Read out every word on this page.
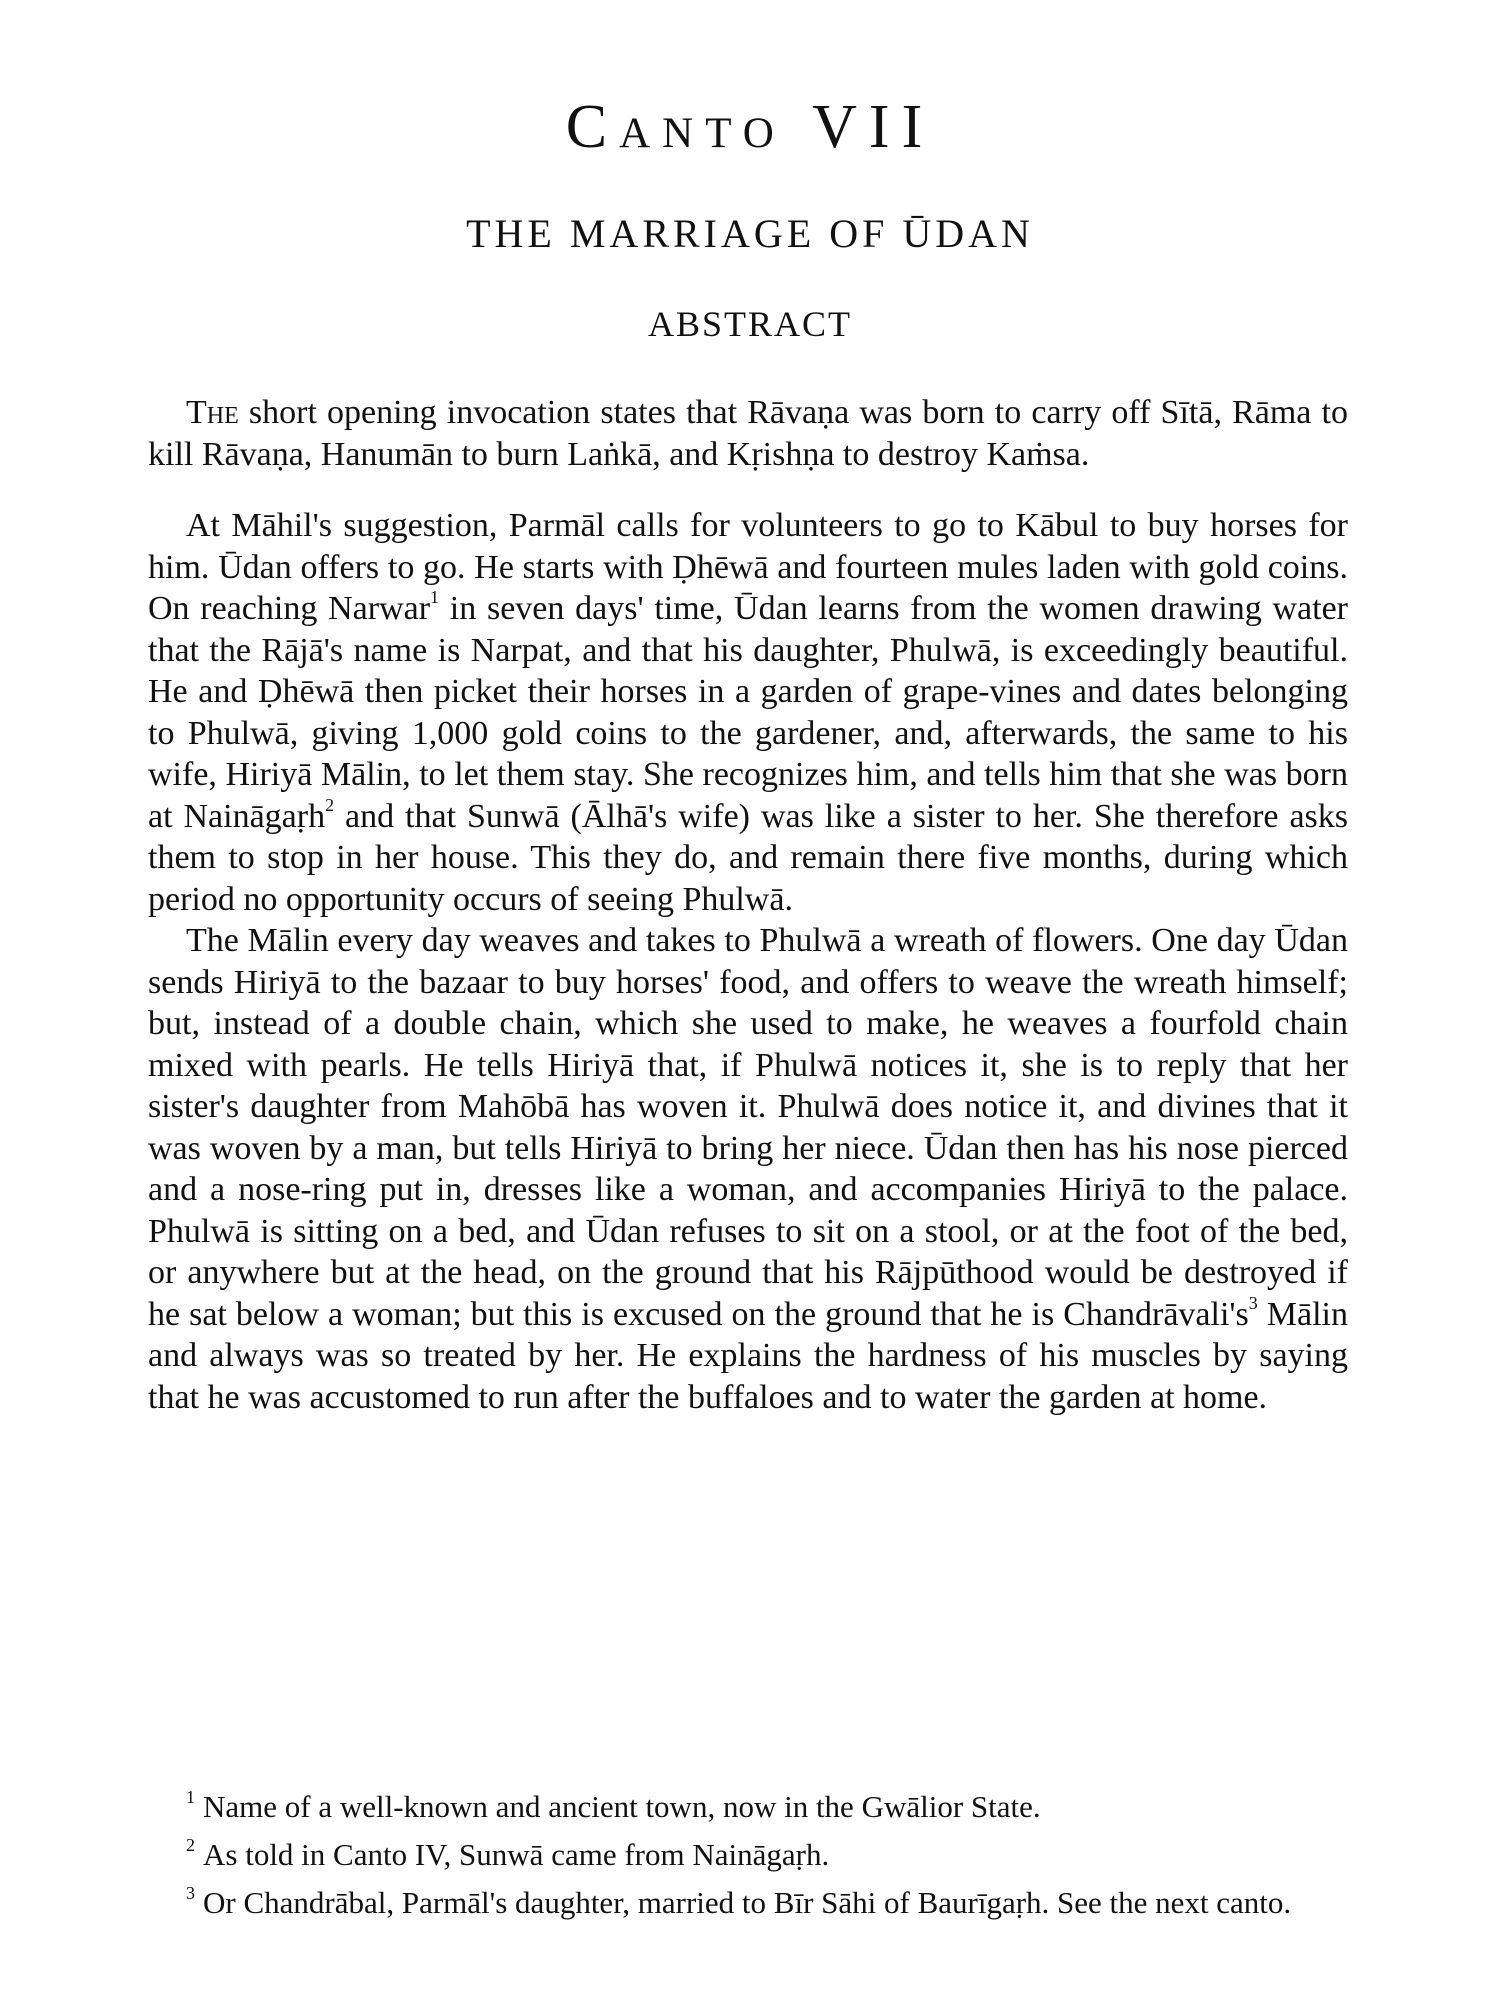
Canto VII
THE MARRIAGE OF ŪDAN
ABSTRACT

The short opening invocation states that Rāvaṇa was born to carry off Sītā, Rāma to kill Rāvaṇa, Hanumān to burn Laṅkā, and Kṛishṇa to destroy Kaṁsa.

At Māhil's suggestion, Parmāl calls for volunteers to go to Kābul to buy horses for him. Ūdan offers to go. He starts with Ḍhēwā and fourteen mules laden with gold coins. On reaching Narwar$^1$ in seven days' time, Ūdan learns from the women drawing water that the Rājā's name is Narpat, and that his daughter, Phulwā, is exceedingly beautiful. He and Ḍhēwā then picket their horses in a garden of grape-vines and dates belonging to Phulwā, giving 1,000 gold coins to the gardener, and, afterwards, the same to his wife, Hiriyā Mālin, to let them stay. She recognizes him, and tells him that she was born at Naināgaṛh$^2$ and that Sunwā (Ālhā's wife) was like a sister to her. She therefore asks them to stop in her house. This they do, and remain there five months, during which period no opportunity occurs of seeing Phulwā.

The Mālin every day weaves and takes to Phulwā a wreath of flowers. One day Ūdan sends Hiriyā to the bazaar to buy horses' food, and offers to weave the wreath himself; but, instead of a double chain, which she used to make, he weaves a fourfold chain mixed with pearls. He tells Hiriyā that, if Phulwā notices it, she is to reply that her sister's daughter from Mahōbā has woven it. Phulwā does notice it, and divines that it was woven by a man, but tells Hiriyā to bring her niece. Ūdan then has his nose pierced and a nose-ring put in, dresses like a woman, and accompanies Hiriyā to the palace. Phulwā is sitting on a bed, and Ūdan refuses to sit on a stool, or at the foot of the bed, or anywhere but at the head, on the ground that his Rājpūthood would be destroyed if he sat below a woman; but this is excused on the ground that he is $Chandrāvali's^3$ Mālin and always was so treated by her. He explains the hardness of his muscles by saying that he was accustomed to run after the buffaloes and to water the garden at home.

$^1$ Name of a well-known and ancient town, now in the Gwālior State.

$^2$ As told in Canto IV, Sunwā came from Naināgaṛh.

$^3$ Or Chandrābal, Parmāl's daughter, married to Bīr Sāhi of Baurīgaṛh. See the next canto.
